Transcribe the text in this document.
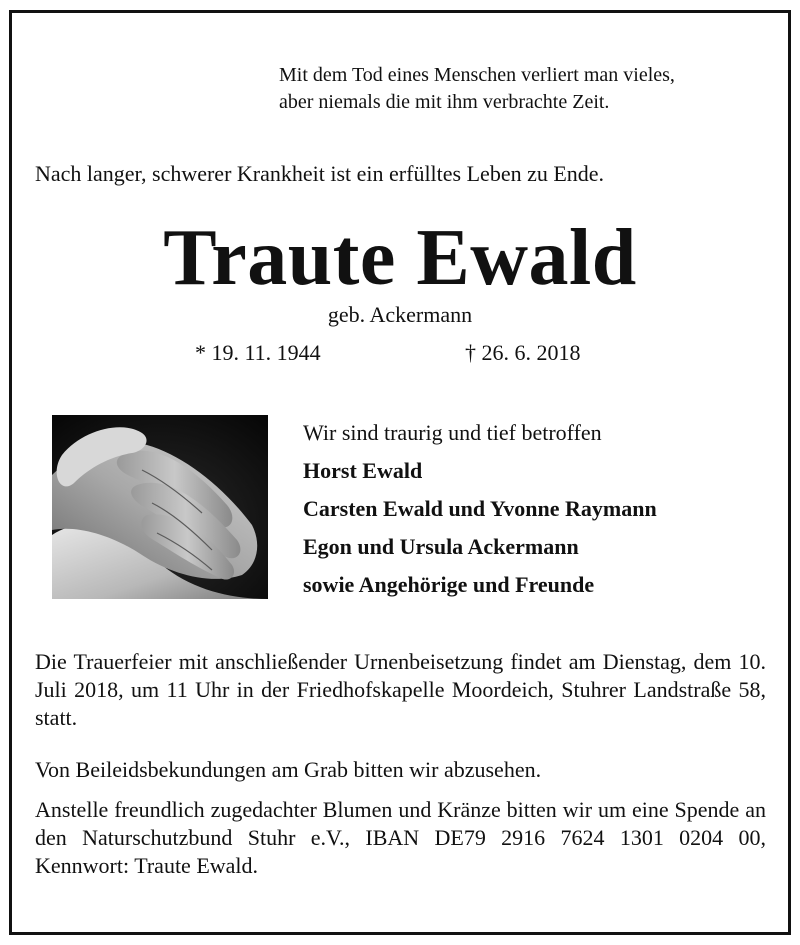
Mit dem Tod eines Menschen verliert man vieles,
aber niemals die mit ihm verbrachte Zeit.
Nach langer, schwerer Krankheit ist ein erfülltes Leben zu Ende.
Traute Ewald
geb. Ackermann
* 19. 11. 1944	† 26. 6. 2018
Wir sind traurig und tief betroffen
Horst Ewald
Carsten Ewald und Yvonne Raymann
Egon und Ursula Ackermann
sowie Angehörige und Freunde
Die Trauerfeier mit anschließender Urnenbeisetzung findet am Dienstag, dem 10. Juli 2018, um 11 Uhr in der Friedhofskapelle Moordeich, Stuhrer Landstraße 58, statt.
Von Beileidsbekundungen am Grab bitten wir abzusehen.
Anstelle freundlich zugedachter Blumen und Kränze bitten wir um eine Spende an den Naturschutzbund Stuhr e.V., IBAN DE79 2916 7624 1301 0204 00, Kennwort: Traute Ewald.
